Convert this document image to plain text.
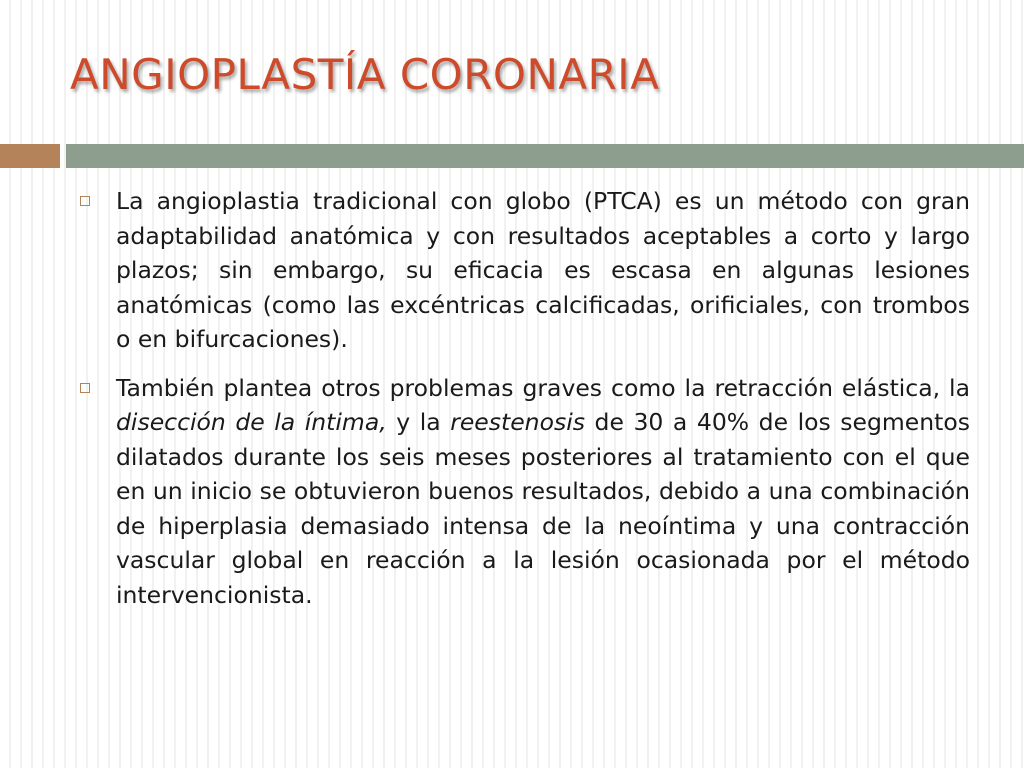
ANGIOPLASTÍA CORONARIA
La angioplastia tradicional con globo (PTCA) es un método con gran adaptabilidad anatómica y con resultados aceptables a corto y largo plazos; sin embargo, su eficacia es escasa en algunas lesiones anatómicas (como las excéntricas calcificadas, orificiales, con trombos o en bifurcaciones).
También plantea otros problemas graves como la retracción elástica, la disección de la íntima, y la reestenosis de 30 a 40% de los segmentos dilatados durante los seis meses posteriores al tratamiento con el que en un inicio se obtuvieron buenos resultados, debido a una combinación de hiperplasia demasiado intensa de la neoíntima y una contracción vascular global en reacción a la lesión ocasionada por el método intervencionista.
